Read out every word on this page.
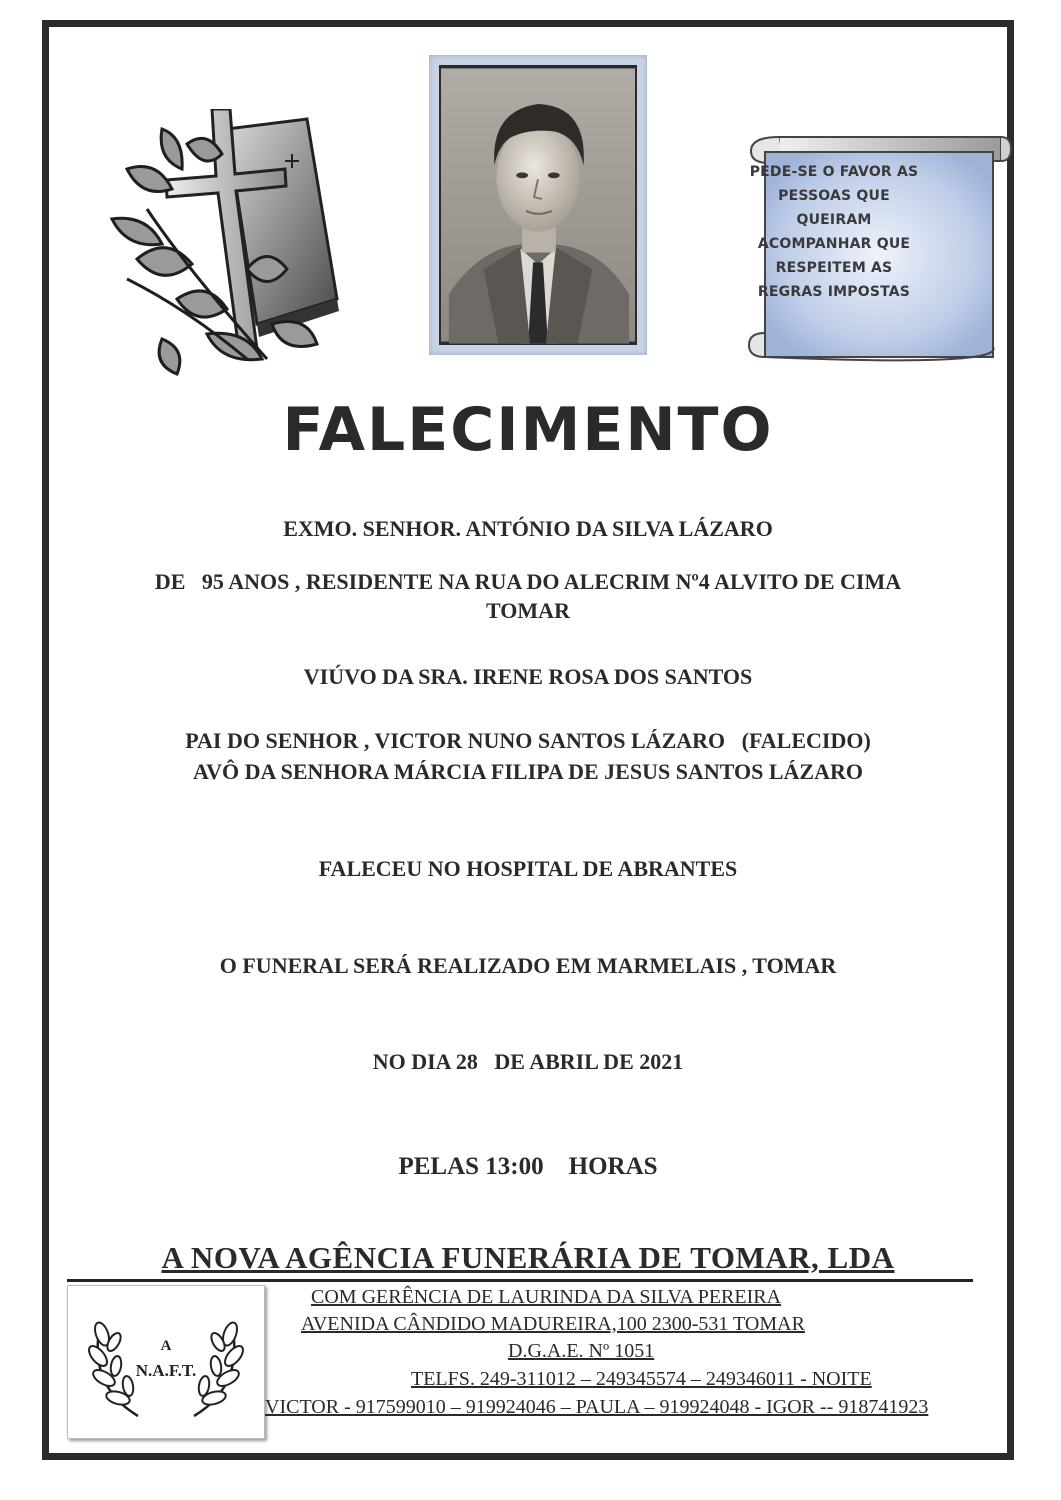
PEDE-SE O FAVOR AS
PESSOAS QUE
QUEIRAM
ACOMPANHAR QUE
RESPEITEM AS
REGRAS IMPOSTAS
FALECIMENTO
EXMO. SENHOR. ANTÓNIO DA SILVA LÁZARO
DE   95 ANOS , RESIDENTE NA RUA DO ALECRIM Nº4 ALVITO DE CIMA
TOMAR
VIÚVO DA SRA. IRENE ROSA DOS SANTOS
PAI DO SENHOR , VICTOR NUNO SANTOS LÁZARO   (FALECIDO)
AVÔ DA SENHORA MÁRCIA FILIPA DE JESUS SANTOS LÁZARO
FALECEU NO HOSPITAL DE ABRANTES
O FUNERAL SERÁ REALIZADO EM MARMELAIS , TOMAR
NO DIA 28   DE ABRIL DE 2021
PELAS 13:00    HORAS
A NOVA AGÊNCIA FUNERÁRIA DE TOMAR, LDA
A
N.A.F.T.
COM GERÊNCIA DE LAURINDA DA SILVA PEREIRA
AVENIDA CÂNDIDO MADUREIRA,100 2300-531 TOMAR
D.G.A.E. Nº 1051
TELFS. 249-311012 – 249345574 – 249346011 - NOITE
VICTOR - 917599010 – 919924046 – PAULA – 919924048 - IGOR -- 918741923
